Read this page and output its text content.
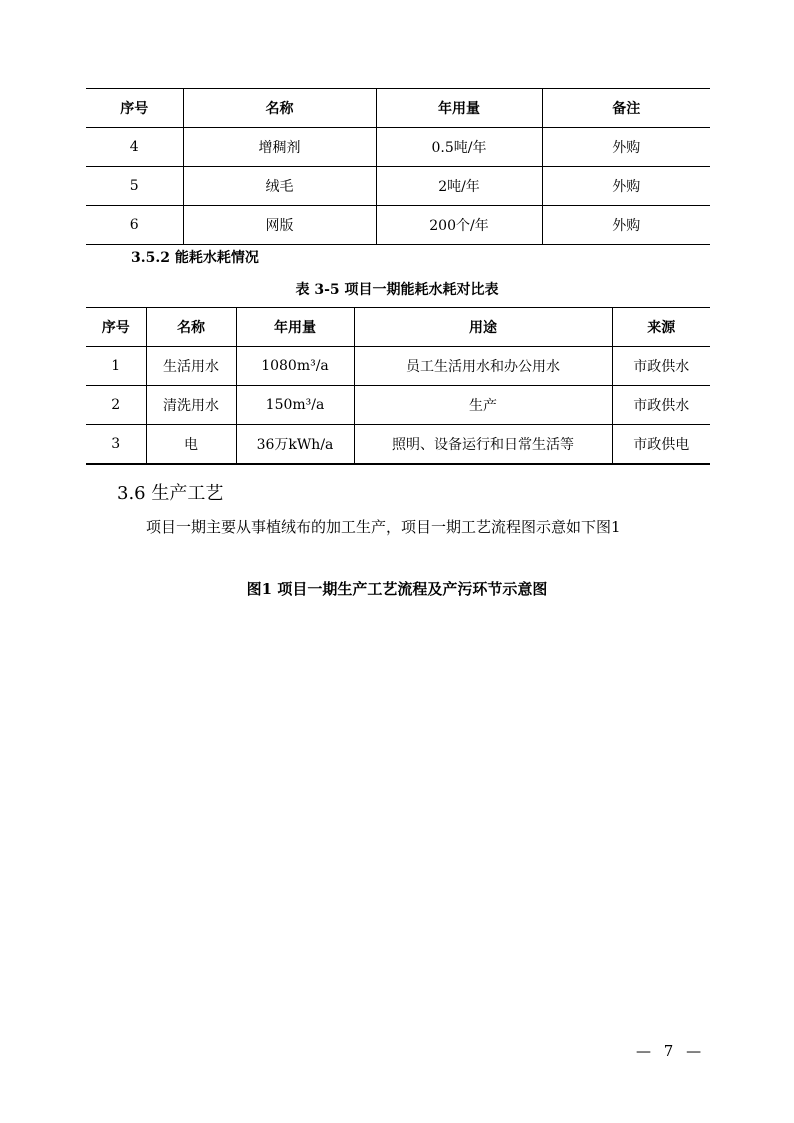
序号	名称	年用量	备注
4	增稠剂	0.5吨/年	外购
5	绒毛	2吨/年	外购
6	网版	200个/年	外购
3.5.2 能耗水耗情况
表 3-5 项目一期能耗水耗对比表
序号	名称	年用量	用途	来源
1	生活用水	1080m³/a	员工生活用水和办公用水	市政供水
2	清洗用水	150m³/a	生产	市政供水
3	电	36万kWh/a	照明、设备运行和日常生活等	市政供电
3.6 生产工艺
项目一期主要从事植绒布的加工生产，项目一期工艺流程图示意如下图1
图1 项目一期生产工艺流程及产污环节示意图
— 7 —
